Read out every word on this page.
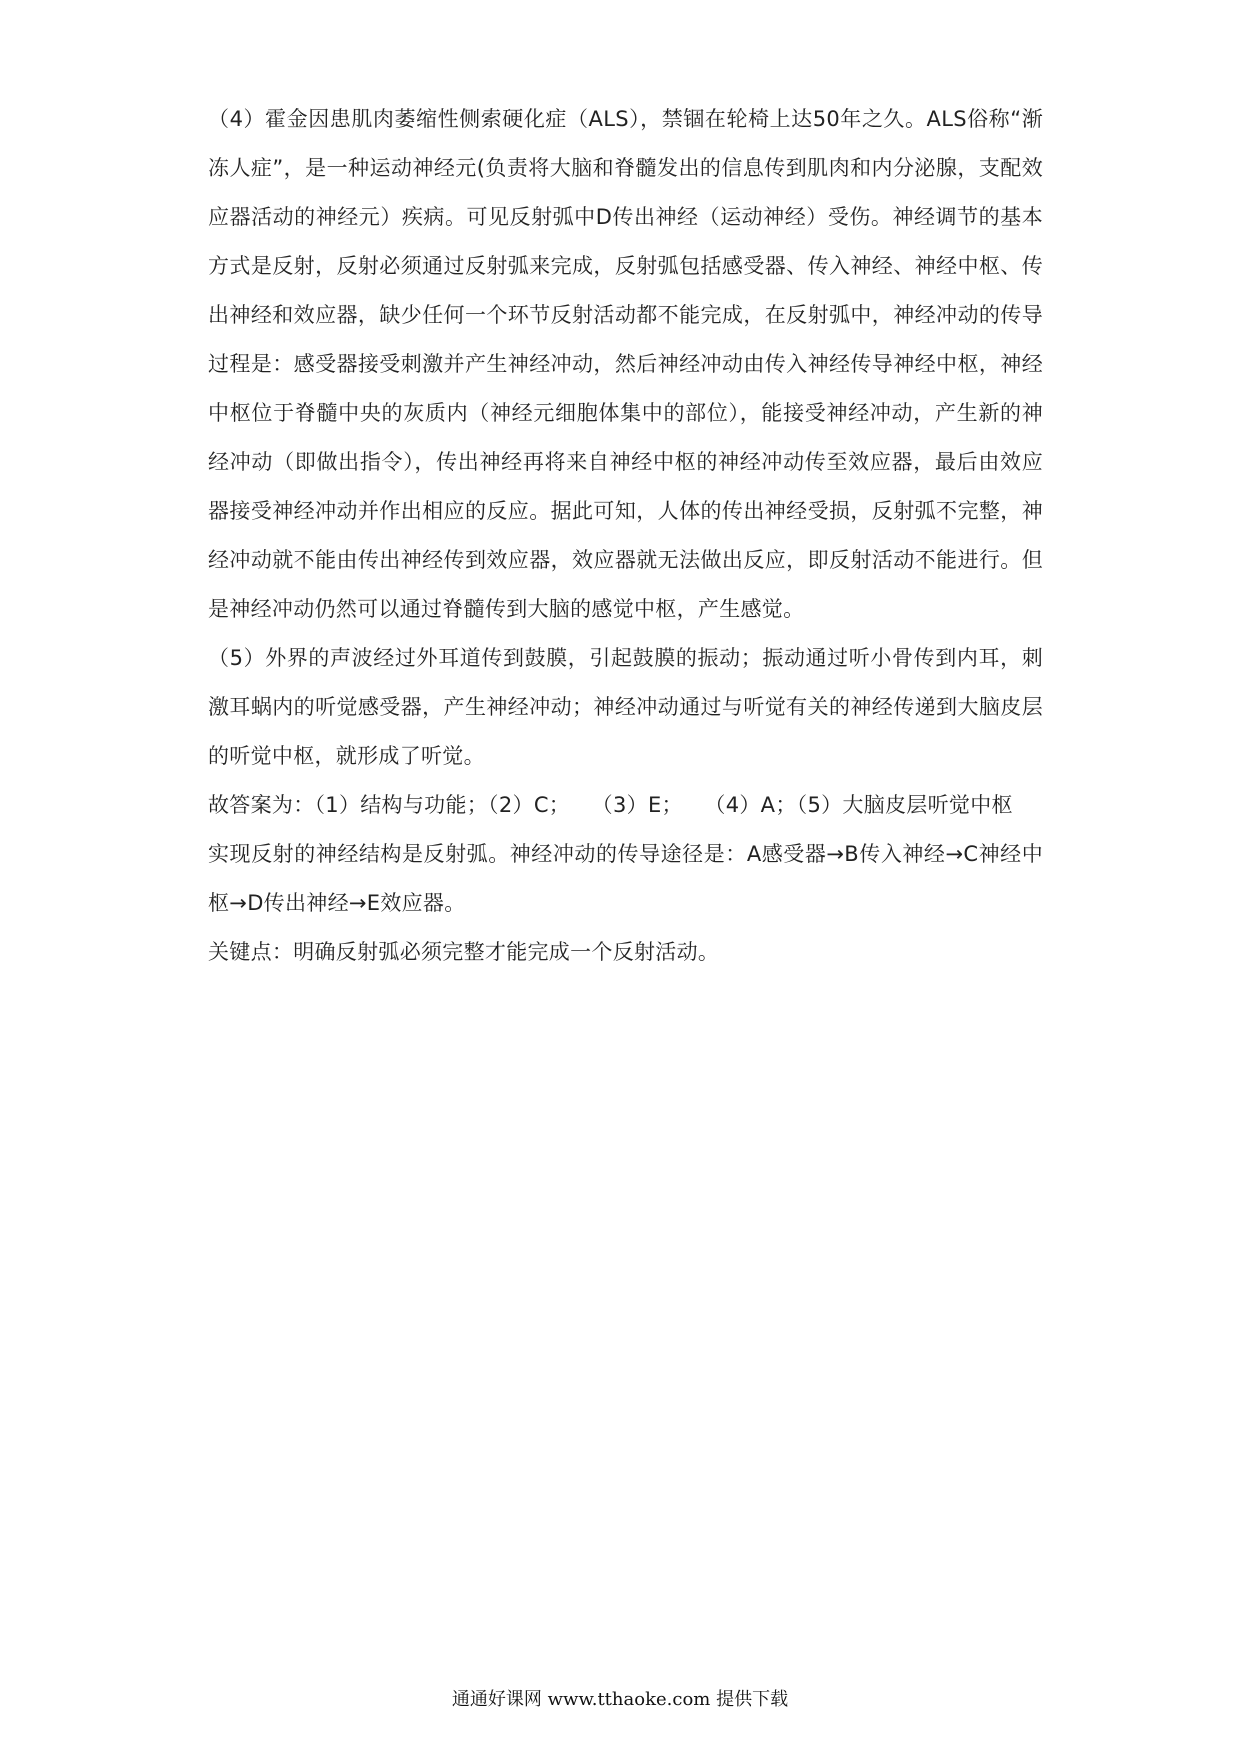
（4）霍金因患肌肉萎缩性侧索硬化症（ALS），禁锢在轮椅上达50年之久。ALS俗称“渐冻人症”，是一种运动神经元(负责将大脑和脊髓发出的信息传到肌肉和内分泌腺，支配效应器活动的神经元）疾病。可见反射弧中D传出神经（运动神经）受伤。神经调节的基本方式是反射，反射必须通过反射弧来完成，反射弧包括感受器、传入神经、神经中枢、传出神经和效应器，缺少任何一个环节反射活动都不能完成，在反射弧中，神经冲动的传导过程是：感受器接受刺激并产生神经冲动，然后神经冲动由传入神经传导神经中枢，神经中枢位于脊髓中央的灰质内（神经元细胞体集中的部位），能接受神经冲动，产生新的神经冲动（即做出指令），传出神经再将来自神经中枢的神经冲动传至效应器，最后由效应器接受神经冲动并作出相应的反应。据此可知，人体的传出神经受损，反射弧不完整，神经冲动就不能由传出神经传到效应器，效应器就无法做出反应，即反射活动不能进行。但是神经冲动仍然可以通过脊髓传到大脑的感觉中枢，产生感觉。

（5）外界的声波经过外耳道传到鼓膜，引起鼓膜的振动；振动通过听小骨传到内耳，刺激耳蜗内的听觉感受器，产生神经冲动；神经冲动通过与听觉有关的神经传递到大脑皮层的听觉中枢，就形成了听觉。

故答案为：（1）结构与功能；（2）C；　　（3）E；　　（4）A；（5）大脑皮层听觉中枢

实现反射的神经结构是反射弧。神经冲动的传导途径是：A感受器→B传入神经→C神经中枢→D传出神经→E效应器。

关键点：明确反射弧必须完整才能完成一个反射活动。

通通好课网 www.tthaoke.com 提供下载
